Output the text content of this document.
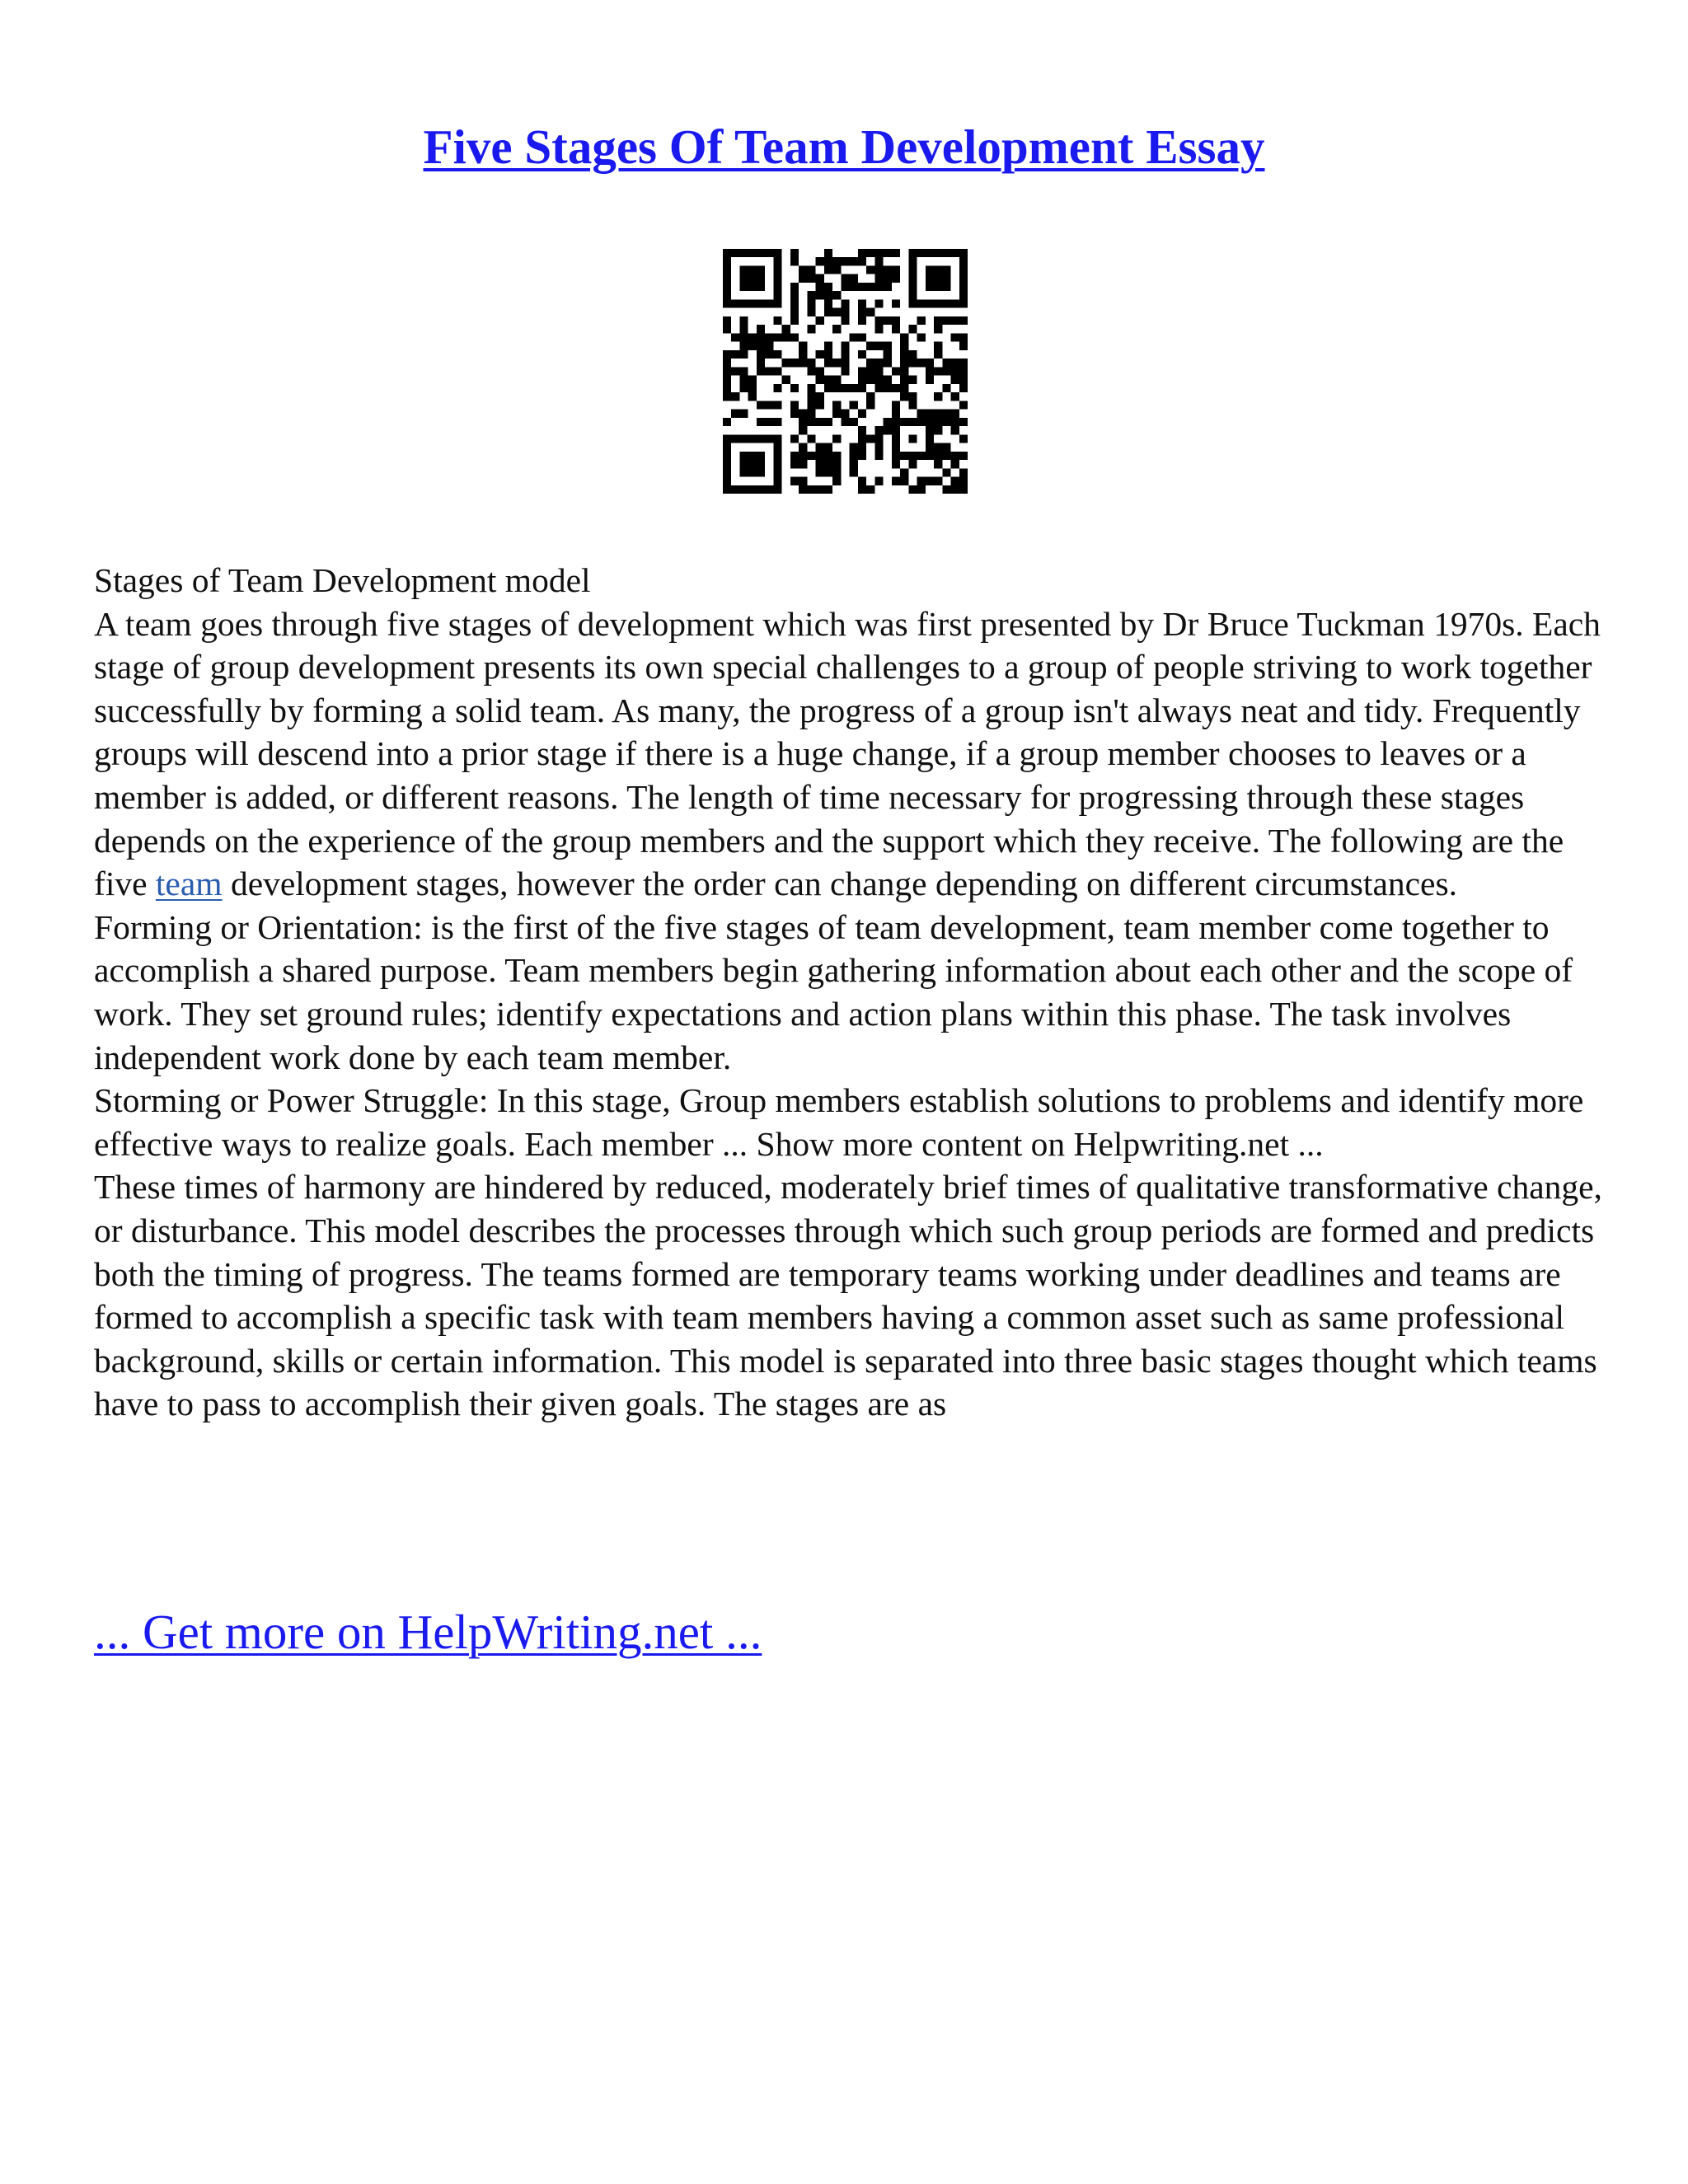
Five Stages Of Team Development Essay

Stages of Team Development model

A team goes through five stages of development which was first presented by Dr Bruce Tuckman 1970s. Each stage of group development presents its own special challenges to a group of people striving to work together successfully by forming a solid team. As many, the progress of a group isn't always neat and tidy. Frequently groups will descend into a prior stage if there is a huge change, if a group member chooses to leaves or a member is added, or different reasons. The length of time necessary for progressing through these stages depends on the experience of the group members and the support which they receive. The following are the five team development stages, however the order can change depending on different circumstances.

Forming or Orientation: is the first of the five stages of team development, team member come together to accomplish a shared purpose. Team members begin gathering information about each other and the scope of work. They set ground rules; identify expectations and action plans within this phase. The task involves independent work done by each team member.

Storming or Power Struggle: In this stage, Group members establish solutions to problems and identify more effective ways to realize goals. Each member ... Show more content on Helpwriting.net ...

These times of harmony are hindered by reduced, moderately brief times of qualitative transformative change, or disturbance. This model describes the processes through which such group periods are formed and predicts both the timing of progress. The teams formed are temporary teams working under deadlines and teams are formed to accomplish a specific task with team members having a common asset such as same professional background, skills or certain information. This model is separated into three basic stages thought which teams have to pass to accomplish their given goals. The stages are as

... Get more on HelpWriting.net ...
